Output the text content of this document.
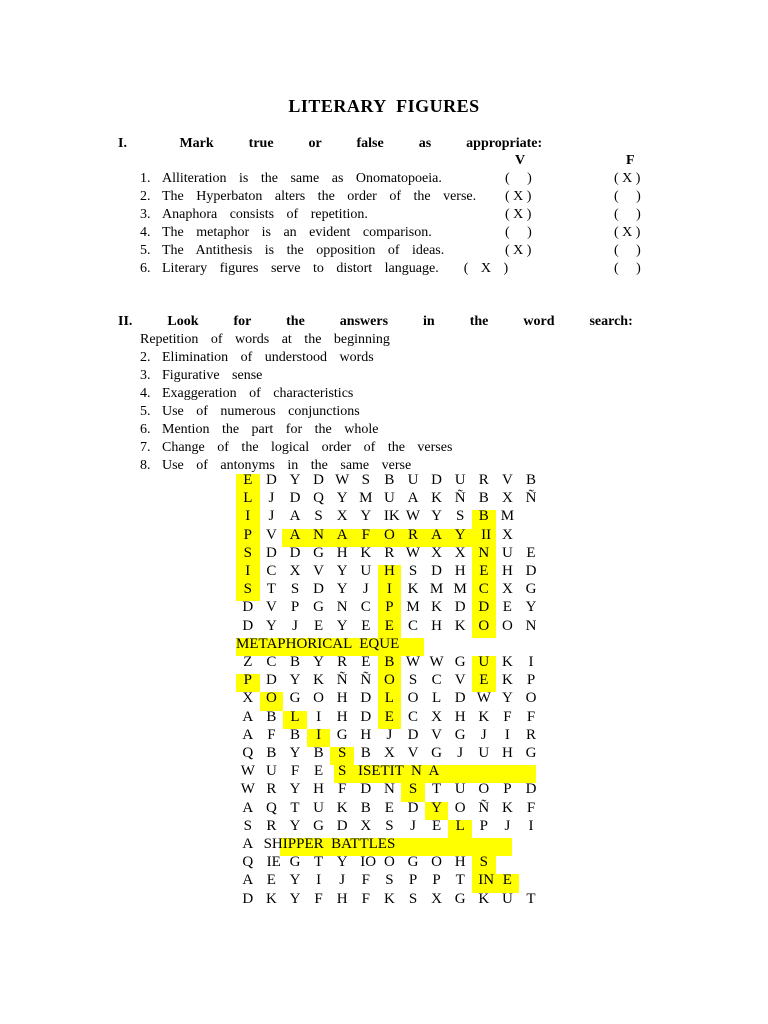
LITERARY  FIGURES
I.   Mark  true  or  false  as  appropriate:
V	F
1. Alliteration is the same as Onomatopoeia.	(     )	( X )
2. The Hyperbaton alters the order of the verse. ( X )	(     )
3. Anaphora consists of repetition.	( X )	(     )
4. The metaphor is an evident comparison.	(     )	( X )
5. The Antithesis is the opposition of ideas.	( X )	(     )
6. Literary figures serve to distort language.  ( X )	(     )
II.  Look  for  the  answers  in  the  word  search:
Repetition of words at the beginning
2. Elimination of understood words
3. Figurative sense
4. Exaggeration of characteristics
5. Use of numerous conjunctions
6. Mention the part for the whole
7. Change of the logical order of the verses
8. Use of antonyms in the same verse
E D Y D W S B U D U R V B
L	J	D Q Y M U A K Ñ B X Ñ
I	J	A S X Y IK W Y S B M
P V A N A F O R A Y	II X
S D D G H K R W X X N U E
I	C X V Y U H S D H E H D
S T S D Y	J	I	K M M C X G
D V P G N C P M K D D E Y
D Y	J	E Y E E C H K O O N
METAPHORICAL  EQUE
Z C B Y R E B W W G U K	I
P D Y K Ñ Ñ O S C V E K P
X O G O H D L O L D W Y O
A B L	I	H D E C X H K F	F
A F B	I	G H	J	D V G	J	I	R
Q B Y B S B X V G	J	U H G
W U F E S ISETIT  N  A
W R Y H F D N S T U O P D
A Q T U K B E D Y O Ñ K F
S R Y G D X S	J	E L P	J	I
A SHIPPER  BATTLES
Q IE G T Y IO O G O H S
A E Y	I	J	F	S	P	P T IN E
D K Y F H F K S X G K U T
